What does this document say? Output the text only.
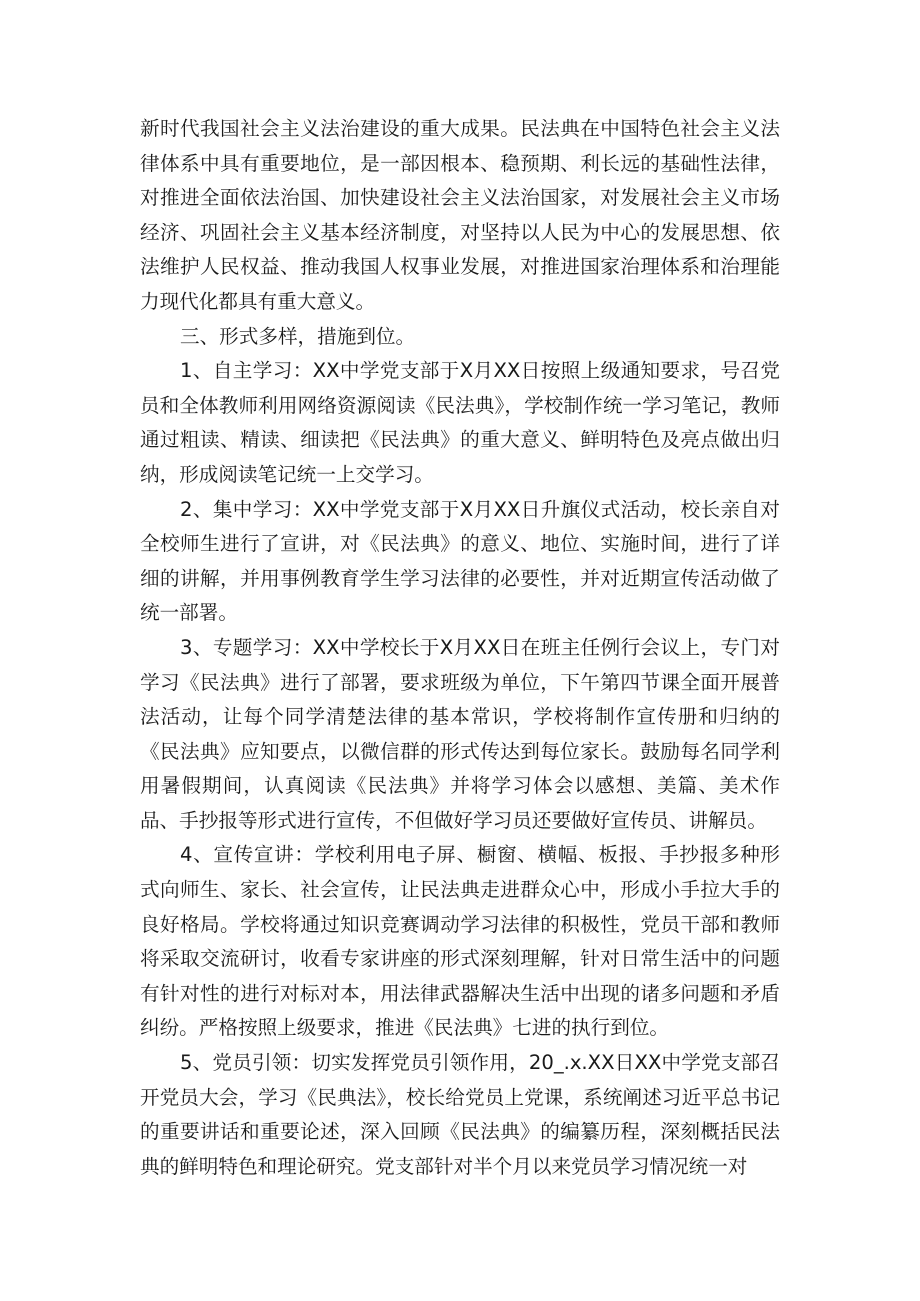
新时代我国社会主义法治建设的重大成果。民法典在中国特色社会主义法律体系中具有重要地位，是一部因根本、稳预期、利长远的基础性法律，对推进全面依法治国、加快建设社会主义法治国家，对发展社会主义市场经济、巩固社会主义基本经济制度，对坚持以人民为中心的发展思想、依法维护人民权益、推动我国人权事业发展，对推进国家治理体系和治理能力现代化都具有重大意义。

三、形式多样，措施到位。

1、自主学习：XX中学党支部于X月XX日按照上级通知要求，号召党员和全体教师利用网络资源阅读《民法典》，学校制作统一学习笔记，教师通过粗读、精读、细读把《民法典》的重大意义、鲜明特色及亮点做出归纳，形成阅读笔记统一上交学习。

2、集中学习：XX中学党支部于X月XX日升旗仪式活动，校长亲自对全校师生进行了宣讲，对《民法典》的意义、地位、实施时间，进行了详细的讲解，并用事例教育学生学习法律的必要性，并对近期宣传活动做了统一部署。

3、专题学习：XX中学校长于X月XX日在班主任例行会议上，专门对学习《民法典》进行了部署，要求班级为单位，下午第四节课全面开展普法活动，让每个同学清楚法律的基本常识，学校将制作宣传册和归纳的《民法典》应知要点，以微信群的形式传达到每位家长。鼓励每名同学利用暑假期间，认真阅读《民法典》并将学习体会以感想、美篇、美术作品、手抄报等形式进行宣传，不但做好学习员还要做好宣传员、讲解员。

4、宣传宣讲：学校利用电子屏、橱窗、横幅、板报、手抄报多种形式向师生、家长、社会宣传，让民法典走进群众心中，形成小手拉大手的良好格局。学校将通过知识竞赛调动学习法律的积极性，党员干部和教师将采取交流研讨，收看专家讲座的形式深刻理解，针对日常生活中的问题有针对性的进行对标对本，用法律武器解决生活中出现的诸多问题和矛盾纠纷。严格按照上级要求，推进《民法典》七进的执行到位。

5、党员引领：切实发挥党员引领作用，20_.x.XX日XX中学党支部召开党员大会，学习《民典法》，校长给党员上党课，系统阐述习近平总书记的重要讲话和重要论述，深入回顾《民法典》的编纂历程，深刻概括民法典的鲜明特色和理论研究。党支部针对半个月以来党员学习情况统一对
